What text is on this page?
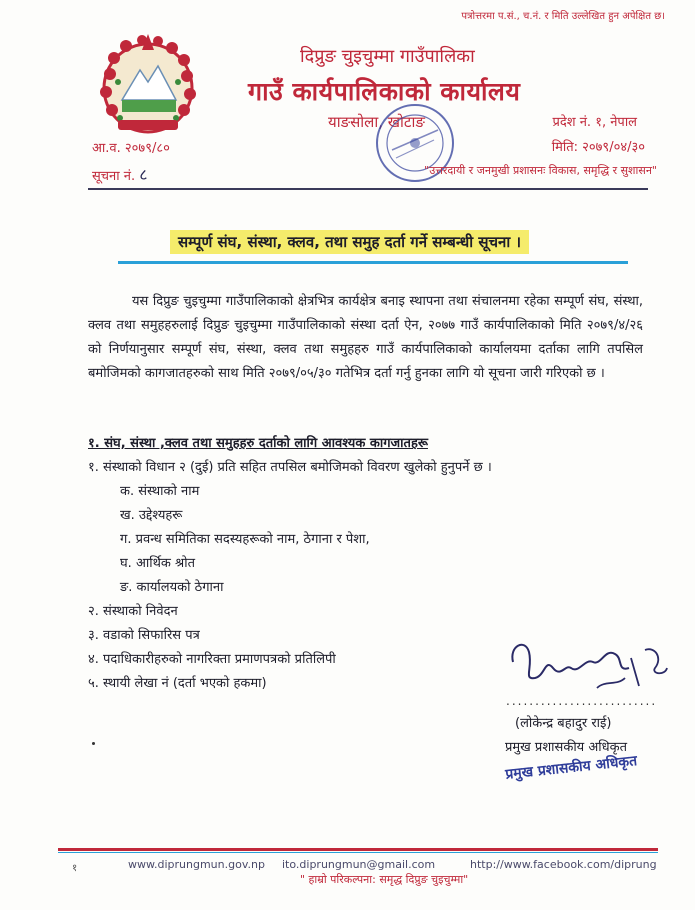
पत्रोत्तरमा प.सं., च.नं. र मिति उल्लेखित हुन अपेक्षित छ।
दिप्रुङ चुइचुम्मा गाउँपालिका
गाउँ कार्यपालिकाको कार्यालय
याङसोला, खोटाङ	प्रदेश नं. १, नेपाल
मिति: २०७९/०४/३०
आ.व. २०७९/८०
सूचना नं. ८	"उत्तरदायी र जनमुखी प्रशासनः विकास, समृद्धि र सुशासन"
सम्पूर्ण संघ, संस्था, क्लव, तथा समुह दर्ता गर्ने सम्बन्धी सूचना ।
यस दिप्रुङ चुइचुम्मा गाउँपालिकाको क्षेत्रभित्र कार्यक्षेत्र बनाइ स्थापना तथा संचालनमा रहेका सम्पूर्ण संघ, संस्था, क्लव तथा समुहहरुलाई दिप्रुङ चुइचुम्मा गाउँपालिकाको संस्था दर्ता ऐन, २०७७ गाउँ कार्यपालिकाको मिति २०७९/४/२६ को निर्णयानुसार सम्पूर्ण संघ, संस्था, क्लव तथा समुहहरु गाउँ कार्यपालिकाको कार्यालयमा दर्ताका लागि तपसिल बमोजिमको कागजातहरुको साथ मिति २०७९/०५/३० गतेभित्र दर्ता गर्नु हुनका लागि यो सूचना जारी गरिएको छ ।
१. संघ, संस्था ,क्लव तथा समुहहरु दर्ताको लागि आवश्यक कागजातहरू
१. संस्थाको विधान २ (दुई) प्रति सहित तपसिल बमोजिमको विवरण खुलेको हुनुपर्ने छ ।
क. संस्थाको नाम
ख. उद्देश्यहरू
ग. प्रवन्ध समितिका सदस्यहरूको नाम, ठेगाना र पेशा,
घ. आर्थिक श्रोत
ङ. कार्यालयको ठेगाना
२. संस्थाको निवेदन
३. वडाको सिफारिस पत्र
४. पदाधिकारीहरुको नागरिक्ता प्रमाणपत्रको प्रतिलिपी
५. स्थायी लेखा नं (दर्ता भएको हकमा)
..........................
(लोकेन्द्र बहादुर राई)
प्रमुख प्रशासकीय अधिकृत
प्रमुख प्रशासकीय अधिकृत
१	www.diprungmun.gov.np ito.diprungmun@gmail.com	http://www.facebook.com/diprung
" हाम्रो परिकल्पना: समृद्ध दिप्रुङ चुइचुम्मा"
